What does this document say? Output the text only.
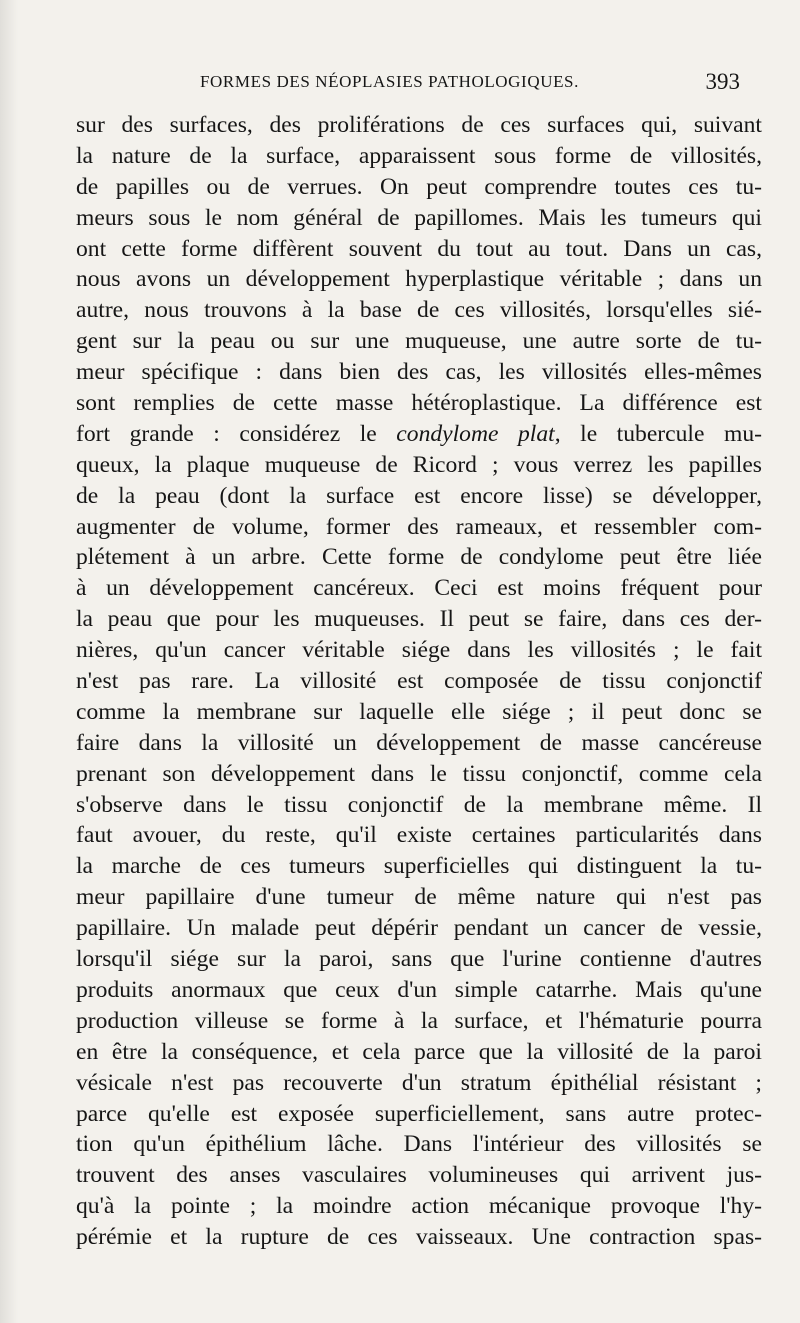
FORMES DES NÉOPLASIES PATHOLOGIQUES.	393
sur des surfaces, des proliférations de ces surfaces qui, suivant
la nature de la surface, apparaissent sous forme de villosités,
de papilles ou de verrues. On peut comprendre toutes ces tu-
meurs sous le nom général de papillomes. Mais les tumeurs qui
ont cette forme diffèrent souvent du tout au tout. Dans un cas,
nous avons un développement hyperplastique véritable ; dans un
autre, nous trouvons à la base de ces villosités, lorsqu'elles sié-
gent sur la peau ou sur une muqueuse, une autre sorte de tu-
meur spécifique : dans bien des cas, les villosités elles-mêmes
sont remplies de cette masse hétéroplastique. La différence est
fort grande : considérez le condylome plat, le tubercule mu-
queux, la plaque muqueuse de Ricord ; vous verrez les papilles
de la peau (dont la surface est encore lisse) se développer,
augmenter de volume, former des rameaux, et ressembler com-
plétement à un arbre. Cette forme de condylome peut être liée
à un développement cancéreux. Ceci est moins fréquent pour
la peau que pour les muqueuses. Il peut se faire, dans ces der-
nières, qu'un cancer véritable siége dans les villosités ; le fait
n'est pas rare. La villosité est composée de tissu conjonctif
comme la membrane sur laquelle elle siége ; il peut donc se
faire dans la villosité un développement de masse cancéreuse
prenant son développement dans le tissu conjonctif, comme cela
s'observe dans le tissu conjonctif de la membrane même. Il
faut avouer, du reste, qu'il existe certaines particularités dans
la marche de ces tumeurs superficielles qui distinguent la tu-
meur papillaire d'une tumeur de même nature qui n'est pas
papillaire. Un malade peut dépérir pendant un cancer de vessie,
lorsqu'il siége sur la paroi, sans que l'urine contienne d'autres
produits anormaux que ceux d'un simple catarrhe. Mais qu'une
production villeuse se forme à la surface, et l'hématurie pourra
en être la conséquence, et cela parce que la villosité de la paroi
vésicale n'est pas recouverte d'un stratum épithélial résistant ;
parce qu'elle est exposée superficiellement, sans autre protec-
tion qu'un épithélium lâche. Dans l'intérieur des villosités se
trouvent des anses vasculaires volumineuses qui arrivent jus-
qu'à la pointe ; la moindre action mécanique provoque l'hy-
pérémie et la rupture de ces vaisseaux. Une contraction spas-
